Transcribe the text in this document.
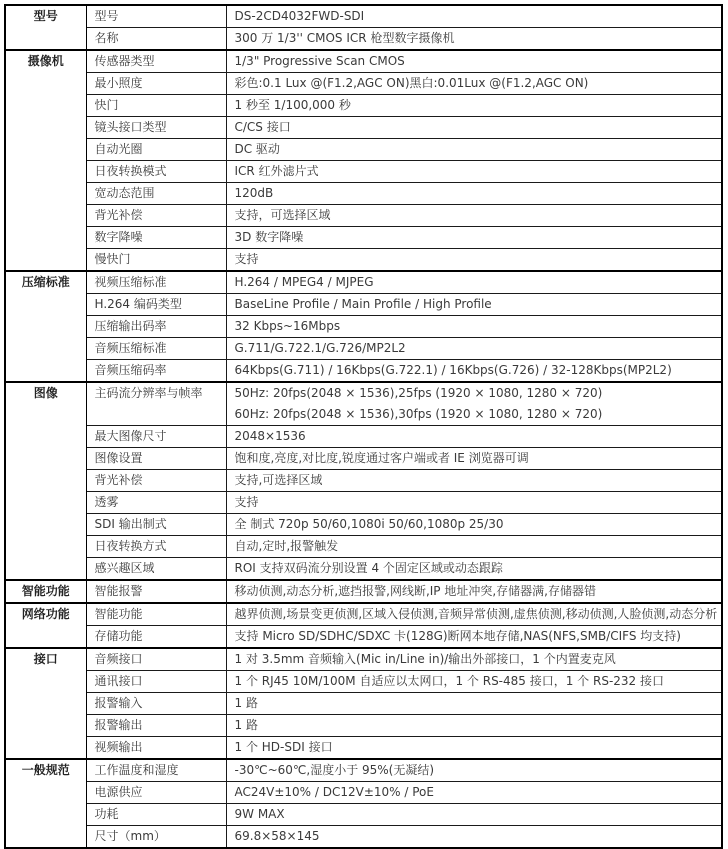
型号	型号	DS-2CD4032FWD-SDI
	名称	300 万 1/3'' CMOS ICR 枪型数字摄像机
摄像机	传感器类型	1/3" Progressive Scan CMOS
	最小照度	彩色:0.1 Lux @(F1.2,AGC ON)黑白:0.01Lux @(F1.2,AGC ON)
	快门	1 秒至 1/100,000 秒
	镜头接口类型	C/CS 接口
	自动光圈	DC 驱动
	日夜转换模式	ICR 红外滤片式
	宽动态范围	120dB
	背光补偿	支持，可选择区域
	数字降噪	3D 数字降噪
	慢快门	支持
压缩标准	视频压缩标准	H.264 / MPEG4 / MJPEG
	H.264 编码类型	BaseLine Profile / Main Profile / High Profile
	压缩输出码率	32 Kbps~16Mbps
	音频压缩标准	G.711/G.722.1/G.726/MP2L2
	音频压缩码率	64Kbps(G.711) / 16Kbps(G.722.1) / 16Kbps(G.726) / 32-128Kbps(MP2L2)
图像	主码流分辨率与帧率	50Hz: 20fps(2048 × 1536),25fps (1920 × 1080, 1280 × 720)
60Hz: 20fps(2048 × 1536),30fps (1920 × 1080, 1280 × 720)

	最大图像尺寸	2048×1536
	图像设置	饱和度,亮度,对比度,锐度通过客户端或者 IE 浏览器可调
	背光补偿	支持,可选择区域
	透雾	支持
	SDI 输出制式	全 制式 720p 50/60,1080i 50/60,1080p 25/30
	日夜转换方式	自动,定时,报警触发
	感兴趣区域	ROI 支持双码流分别设置 4 个固定区域或动态跟踪
智能功能	智能报警	移动侦测,动态分析,遮挡报警,网线断,IP 地址冲突,存储器满,存储器错
网络功能	智能功能	越界侦测,场景变更侦测,区域入侵侦测,音频异常侦测,虚焦侦测,移动侦测,人脸侦测,动态分析
	存储功能	支持 Micro SD/SDHC/SDXC 卡(128G)断网本地存储,NAS(NFS,SMB/CIFS 均支持)
接口	音频接口	1 对 3.5mm 音频输入(Mic in/Line in)/输出外部接口，1 个内置麦克风
	通讯接口	1 个 RJ45 10M/100M 自适应以太网口，1 个 RS-485 接口，1 个 RS-232 接口
	报警输入	1 路
	报警输出	1 路
	视频输出	1 个 HD-SDI 接口
一般规范	工作温度和湿度	-30℃~60℃,湿度小于 95%(无凝结)
	电源供应	AC24V±10% / DC12V±10% / PoE
	功耗	9W MAX
	尺寸（mm）	69.8×58×145
